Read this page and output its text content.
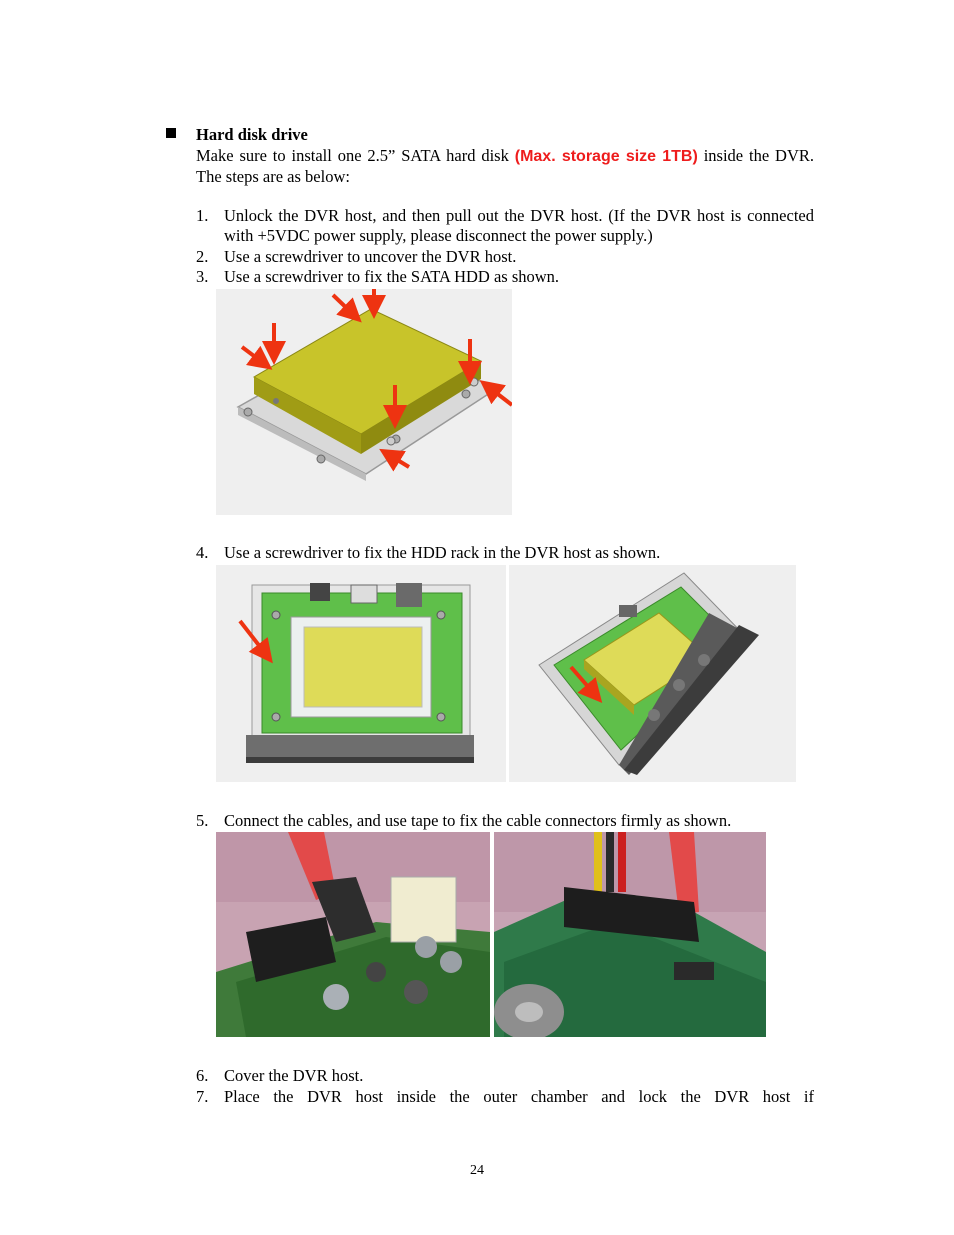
Hard disk drive
Make sure to install one 2.5” SATA hard disk (Max. storage size 1TB) inside the DVR. The steps are as below:
1. Unlock the DVR host, and then pull out the DVR host. (If the DVR host is connected with +5VDC power supply, please disconnect the power supply.)
2. Use a screwdriver to uncover the DVR host.
3. Use a screwdriver to fix the SATA HDD as shown.
4. Use a screwdriver to fix the HDD rack in the DVR host as shown.
5. Connect the cables, and use tape to fix the cable connectors firmly as shown.
6. Cover the DVR host.
7. Place the DVR host inside the outer chamber and lock the DVR host if
24
